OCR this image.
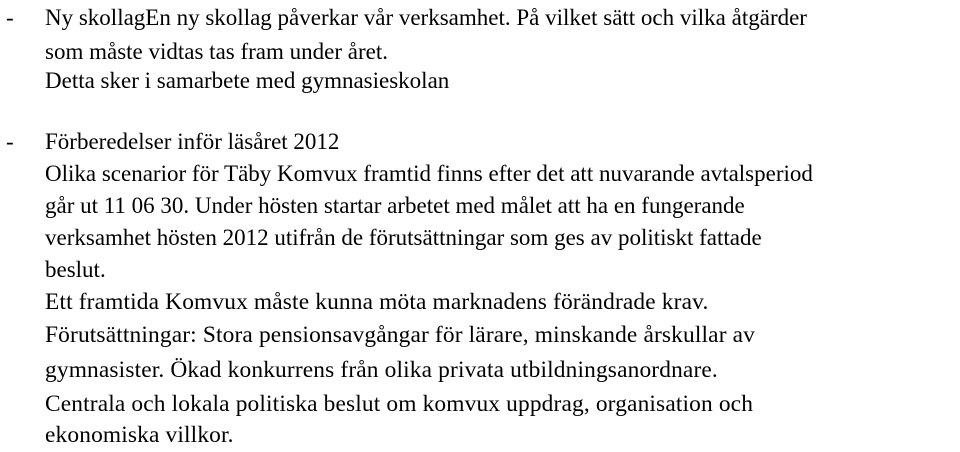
- Ny skollagEn ny skollag påverkar vår verksamhet. På vilket sätt och vilka åtgärder
som måste vidtas tas fram under året.
Detta sker i samarbete med gymnasieskolan
- Förberedelser inför läsåret 2012
Olika scenarior för Täby Komvux framtid finns efter det att nuvarande avtalsperiod
går ut 11 06 30. Under hösten startar arbetet med målet att ha en fungerande
verksamhet hösten 2012 utifrån de förutsättningar som ges av politiskt fattade
beslut.
Ett framtida Komvux måste kunna möta marknadens förändrade krav.
Förutsättningar: Stora pensionsavgångar för lärare, minskande årskullar av
gymnasister. Ökad konkurrens från olika privata utbildningsanordnare.
Centrala och lokala politiska beslut om komvux uppdrag, organisation och
ekonomiska villkor.
